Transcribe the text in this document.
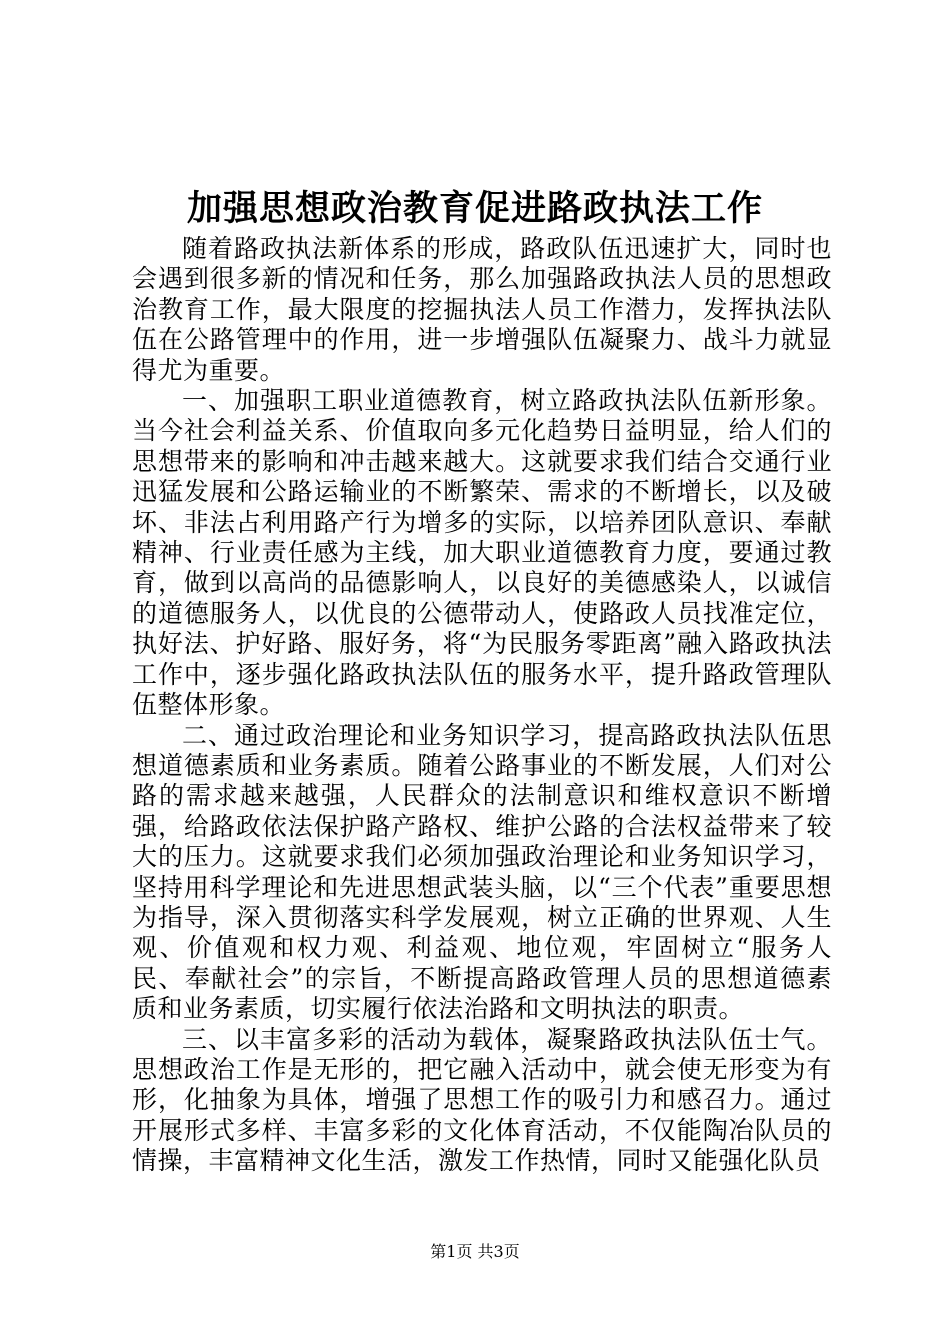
加强思想政治教育促进路政执法工作

随着路政执法新体系的形成，路政队伍迅速扩大，同时也会遇到很多新的情况和任务，那么加强路政执法人员的思想政治教育工作，最大限度的挖掘执法人员工作潜力，发挥执法队伍在公路管理中的作用，进一步增强队伍凝聚力、战斗力就显得尤为重要。

一、加强职工职业道德教育，树立路政执法队伍新形象。当今社会利益关系、价值取向多元化趋势日益明显，给人们的思想带来的影响和冲击越来越大。这就要求我们结合交通行业迅猛发展和公路运输业的不断繁荣、需求的不断增长，以及破坏、非法占利用路产行为增多的实际，以培养团队意识、奉献精神、行业责任感为主线，加大职业道德教育力度，要通过教育，做到以高尚的品德影响人，以良好的美德感染人，以诚信的道德服务人，以优良的公德带动人，使路政人员找准定位，执好法、护好路、服好务，将“为民服务零距离”融入路政执法工作中，逐步强化路政执法队伍的服务水平，提升路政管理队伍整体形象。

二、通过政治理论和业务知识学习，提高路政执法队伍思想道德素质和业务素质。随着公路事业的不断发展，人们对公路的需求越来越强，人民群众的法制意识和维权意识不断增强，给路政依法保护路产路权、维护公路的合法权益带来了较大的压力。这就要求我们必须加强政治理论和业务知识学习，坚持用科学理论和先进思想武装头脑，以“三个代表”重要思想为指导，深入贯彻落实科学发展观，树立正确的世界观、人生观、价值观和权力观、利益观、地位观，牢固树立“服务人民、奉献社会”的宗旨，不断提高路政管理人员的思想道德素质和业务素质，切实履行依法治路和文明执法的职责。

三、以丰富多彩的活动为载体，凝聚路政执法队伍士气。思想政治工作是无形的，把它融入活动中，就会使无形变为有形，化抽象为具体，增强了思想工作的吸引力和感召力。通过开展形式多样、丰富多彩的文化体育活动，不仅能陶冶队员的情操，丰富精神文化生活，激发工作热情，同时又能强化队员

第1页 共3页
